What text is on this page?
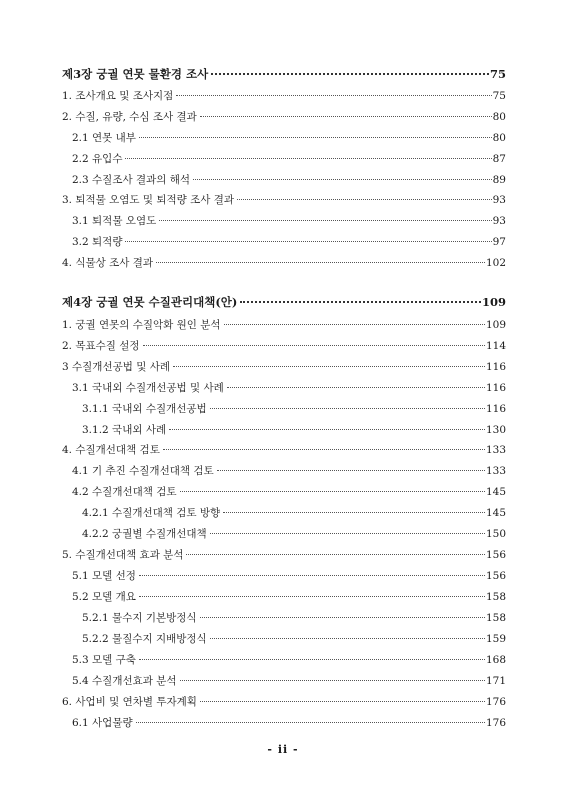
제3장 궁궐 연못 물환경 조사	75
1. 조사개요 및 조사지점	75
2. 수질, 유량, 수심 조사 결과	80
2.1 연못 내부	80
2.2 유입수	87
2.3 수질조사 결과의 해석	89
3. 퇴적물 오염도 및 퇴적량 조사 결과	93
3.1 퇴적물 오염도	93
3.2 퇴적량	97
4. 식물상 조사 결과	102
제4장 궁궐 연못 수질관리대책(안)	109
1. 궁궐 연못의 수질악화 원인 분석	109
2. 목표수질 설정	114
3 수질개선공법 및 사례	116
3.1 국내외 수질개선공법 및 사례	116
3.1.1 국내외 수질개선공법	116
3.1.2 국내외 사례	130
4. 수질개선대책 검토	133
4.1 기 추진 수질개선대책 검토	133
4.2 수질개선대책 검토	145
4.2.1 수질개선대책 검토 방향	145
4.2.2 궁궐별 수질개선대책	150
5. 수질개선대책 효과 분석	156
5.1 모델 선정	156
5.2 모델 개요	158
5.2.1 물수지 기본방정식	158
5.2.2 물질수지 지배방정식	159
5.3 모델 구축	168
5.4 수질개선효과 분석	171
6. 사업비 및 연차별 투자계획	176
6.1 사업물량	176
- ii -
